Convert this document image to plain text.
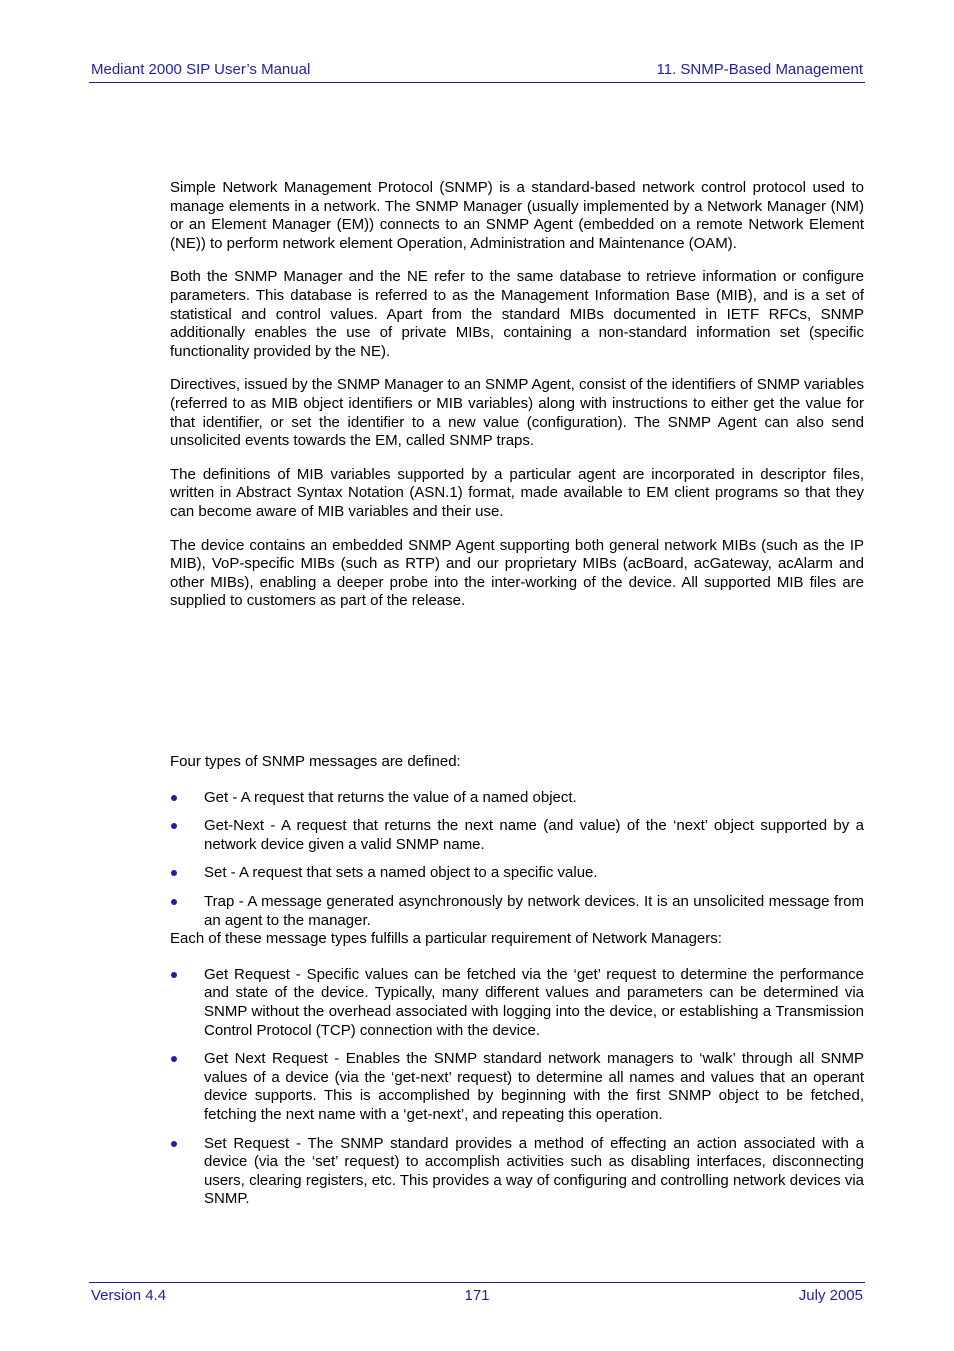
Mediant 2000 SIP User’s Manual	11. SNMP-Based Management

Simple Network Management Protocol (SNMP) is a standard-based network control protocol used to manage elements in a network. The SNMP Manager (usually implemented by a Network Manager (NM) or an Element Manager (EM)) connects to an SNMP Agent (embedded on a remote Network Element (NE)) to perform network element Operation, Administration and Maintenance (OAM).

Both the SNMP Manager and the NE refer to the same database to retrieve information or configure parameters. This database is referred to as the Management Information Base (MIB), and is a set of statistical and control values. Apart from the standard MIBs documented in IETF RFCs, SNMP additionally enables the use of private MIBs, containing a non-standard information set (specific functionality provided by the NE).

Directives, issued by the SNMP Manager to an SNMP Agent, consist of the identifiers of SNMP variables (referred to as MIB object identifiers or MIB variables) along with instructions to either get the value for that identifier, or set the identifier to a new value (configuration). The SNMP Agent can also send unsolicited events towards the EM, called SNMP traps.

The definitions of MIB variables supported by a particular agent are incorporated in descriptor files, written in Abstract Syntax Notation (ASN.1) format, made available to EM client programs so that they can become aware of MIB variables and their use.

The device contains an embedded SNMP Agent supporting both general network MIBs (such as the IP MIB), VoP-specific MIBs (such as RTP) and our proprietary MIBs (acBoard, acGateway, acAlarm and other MIBs), enabling a deeper probe into the inter-working of the device. All supported MIB files are supplied to customers as part of the release.

Four types of SNMP messages are defined:

Get - A request that returns the value of a named object.
Get-Next - A request that returns the next name (and value) of the ‘next’ object supported by a network device given a valid SNMP name.
Set - A request that sets a named object to a specific value.
Trap - A message generated asynchronously by network devices. It is an unsolicited message from an agent to the manager.

Each of these message types fulfills a particular requirement of Network Managers:

Get Request - Specific values can be fetched via the ‘get’ request to determine the performance and state of the device. Typically, many different values and parameters can be determined via SNMP without the overhead associated with logging into the device, or establishing a Transmission Control Protocol (TCP) connection with the device.
Get Next Request - Enables the SNMP standard network managers to ‘walk’ through all SNMP values of a device (via the ‘get-next’ request) to determine all names and values that an operant device supports. This is accomplished by beginning with the first SNMP object to be fetched, fetching the next name with a ‘get-next’, and repeating this operation.
Set Request - The SNMP standard provides a method of effecting an action associated with a device (via the ‘set’ request) to accomplish activities such as disabling interfaces, disconnecting users, clearing registers, etc. This provides a way of configuring and controlling network devices via SNMP.
Version 4.4	171	July 2005
